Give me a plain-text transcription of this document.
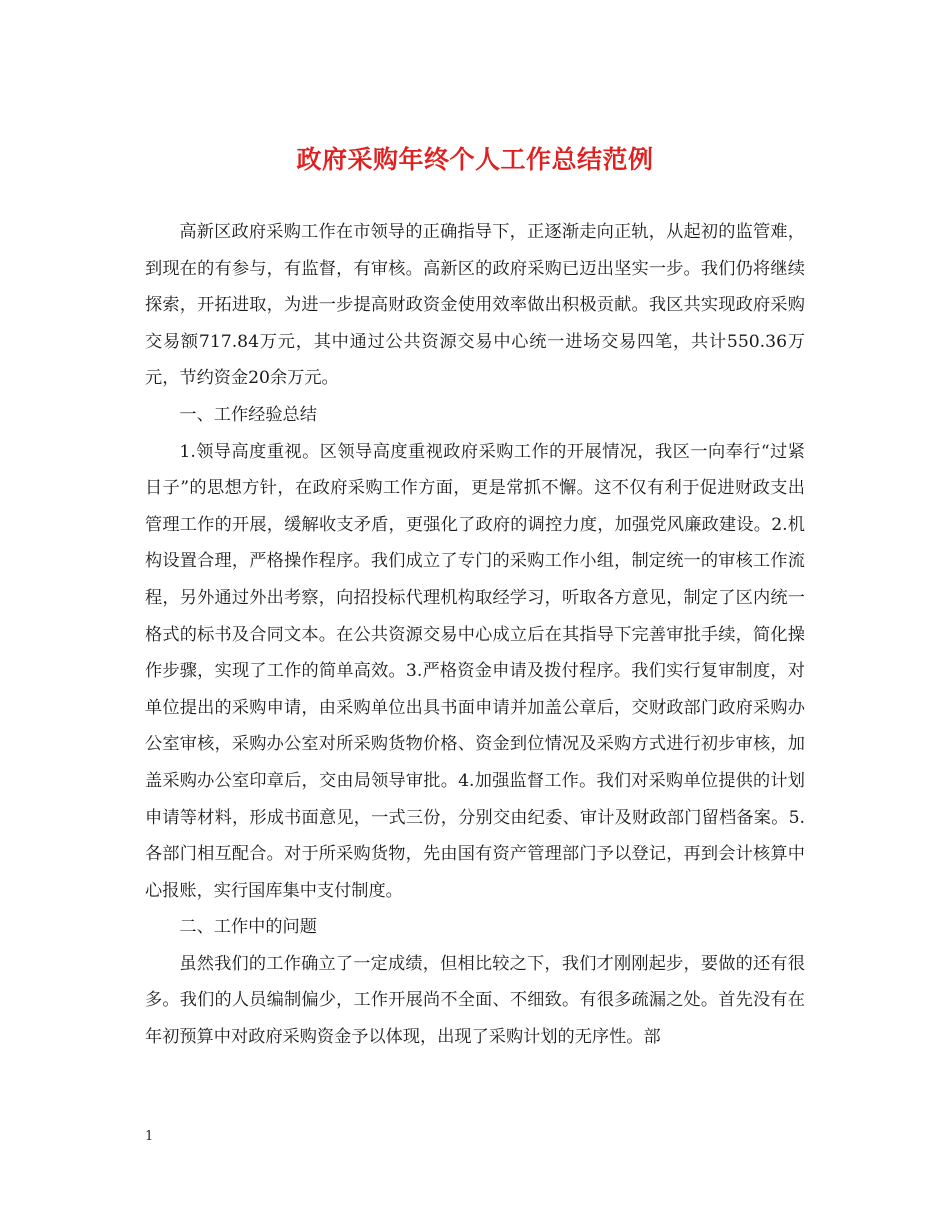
政府采购年终个人工作总结范例

高新区政府采购工作在市领导的正确指导下，正逐渐走向正轨，从起初的监管难，到现在的有参与，有监督，有审核。高新区的政府采购已迈出坚实一步。我们仍将继续探索，开拓进取，为进一步提高财政资金使用效率做出积极贡献。我区共实现政府采购交易额717.84万元，其中通过公共资源交易中心统一进场交易四笔，共计550.36万元，节约资金20余万元。

一、工作经验总结

1.领导高度重视。区领导高度重视政府采购工作的开展情况，我区一向奉行“过紧日子”的思想方针，在政府采购工作方面，更是常抓不懈。这不仅有利于促进财政支出管理工作的开展，缓解收支矛盾，更强化了政府的调控力度，加强党风廉政建设。2.机构设置合理，严格操作程序。我们成立了专门的采购工作小组，制定统一的审核工作流程，另外通过外出考察，向招投标代理机构取经学习，听取各方意见，制定了区内统一格式的标书及合同文本。在公共资源交易中心成立后在其指导下完善审批手续，简化操作步骤，实现了工作的简单高效。3.严格资金申请及拨付程序。我们实行复审制度，对单位提出的采购申请，由采购单位出具书面申请并加盖公章后，交财政部门政府采购办公室审核，采购办公室对所采购货物价格、资金到位情况及采购方式进行初步审核，加盖采购办公室印章后，交由局领导审批。4.加强监督工作。我们对采购单位提供的计划申请等材料，形成书面意见，一式三份，分别交由纪委、审计及财政部门留档备案。5.各部门相互配合。对于所采购货物，先由国有资产管理部门予以登记，再到会计核算中心报账，实行国库集中支付制度。

二、工作中的问题

虽然我们的工作确立了一定成绩，但相比较之下，我们才刚刚起步，要做的还有很多。我们的人员编制偏少，工作开展尚不全面、不细致。有很多疏漏之处。首先没有在年初预算中对政府采购资金予以体现，出现了采购计划的无序性。部

1
